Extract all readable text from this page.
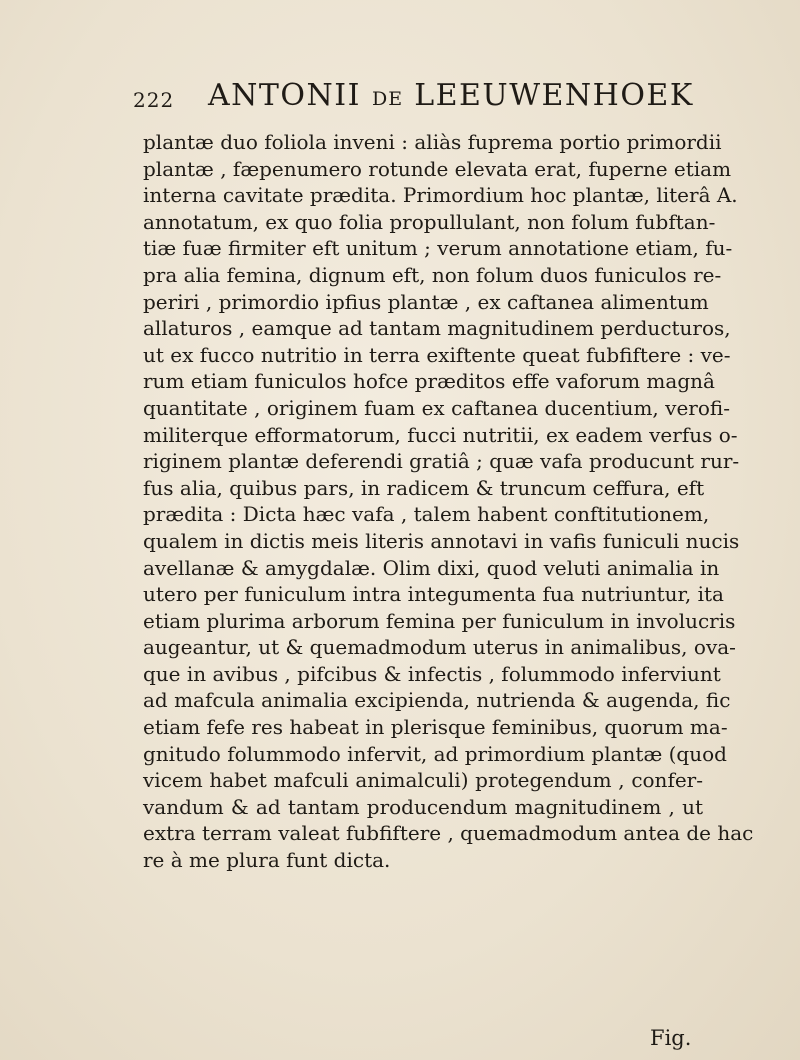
222 ANTONII DE LEEUWENHOEK
plantæ duo foliola inveni : aliàs fuprema portio primordii
plantæ , fæpenumero rotunde elevata erat, fuperne etiam
interna cavitate prædita. Primordium hoc plantæ, literâ A.
annotatum, ex quo folia propullulant, non folum fubftan-
tiæ fuæ firmiter eft unitum ; verum annotatione etiam, fu-
pra alia femina, dignum eft, non folum duos funiculos re-
periri , primordio ipfius plantæ , ex caftanea alimentum
allaturos , eamque ad tantam magnitudinem perducturos,
ut ex fucco nutritio in terra exiftente queat fubfiftere : ve-
rum etiam funiculos hofce præditos effe vaforum magnâ
quantitate , originem fuam ex caftanea ducentium, verofi-
militerque efformatorum, fucci nutritii, ex eadem verfus o-
riginem plantæ deferendi gratiâ ; quæ vafa producunt rur-
fus alia, quibus pars, in radicem & truncum ceffura, eft
prædita : Dicta hæc vafa , talem habent conftitutionem,
qualem in dictis meis literis annotavi in vafis funiculi nucis
avellanæ & amygdalæ. Olim dixi, quod veluti animalia in
utero per funiculum intra integumenta fua nutriuntur, ita
etiam plurima arborum femina per funiculum in involucris
augeantur, ut & quemadmodum uterus in animalibus, ova-
que in avibus , pifcibus & infectis , folummodo inferviunt
ad mafcula animalia excipienda, nutrienda & augenda, fic
etiam fefe res habeat in plerisque feminibus, quorum ma-
gnitudo folummodo infervit, ad primordium plantæ (quod
vicem habet mafculi animalculi) protegendum , confer-
vandum & ad tantam producendum magnitudinem , ut
extra terram valeat fubfiftere , quemadmodum antea de hac
re à me plura funt dicta.
Fig.
